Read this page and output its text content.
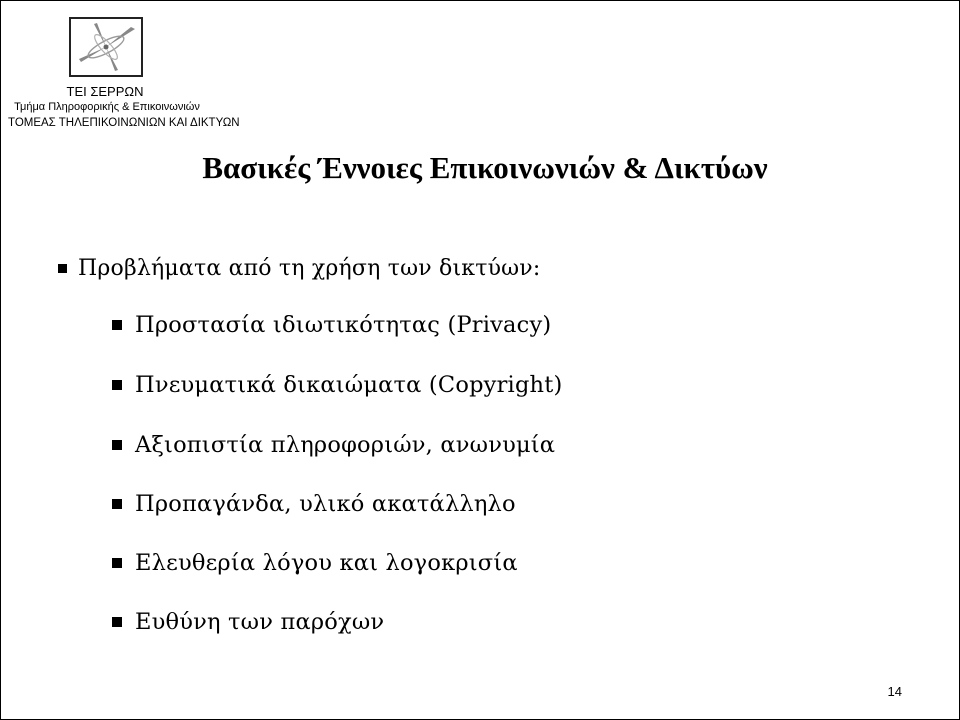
ΤΕΙ ΣΕΡΡΩΝ
Τμήμα Πληροφορικής & Επικοινωνιών
ΤΟΜΕΑΣ ΤΗΛΕΠΙΚΟΙΝΩΝΙΩΝ ΚΑΙ ΔΙΚΤΥΩΝ
Βασικές Έννοιες Επικοινωνιών & Δικτύων
Προβλήματα από τη χρήση των δικτύων:
Προστασία ιδιωτικότητας (Privacy)
Πνευματικά δικαιώματα (Copyright)
Αξιοπιστία πληροφοριών, ανωνυμία
Προπαγάνδα, υλικό ακατάλληλο
Ελευθερία λόγου και λογοκρισία
Ευθύνη των παρόχων
14
